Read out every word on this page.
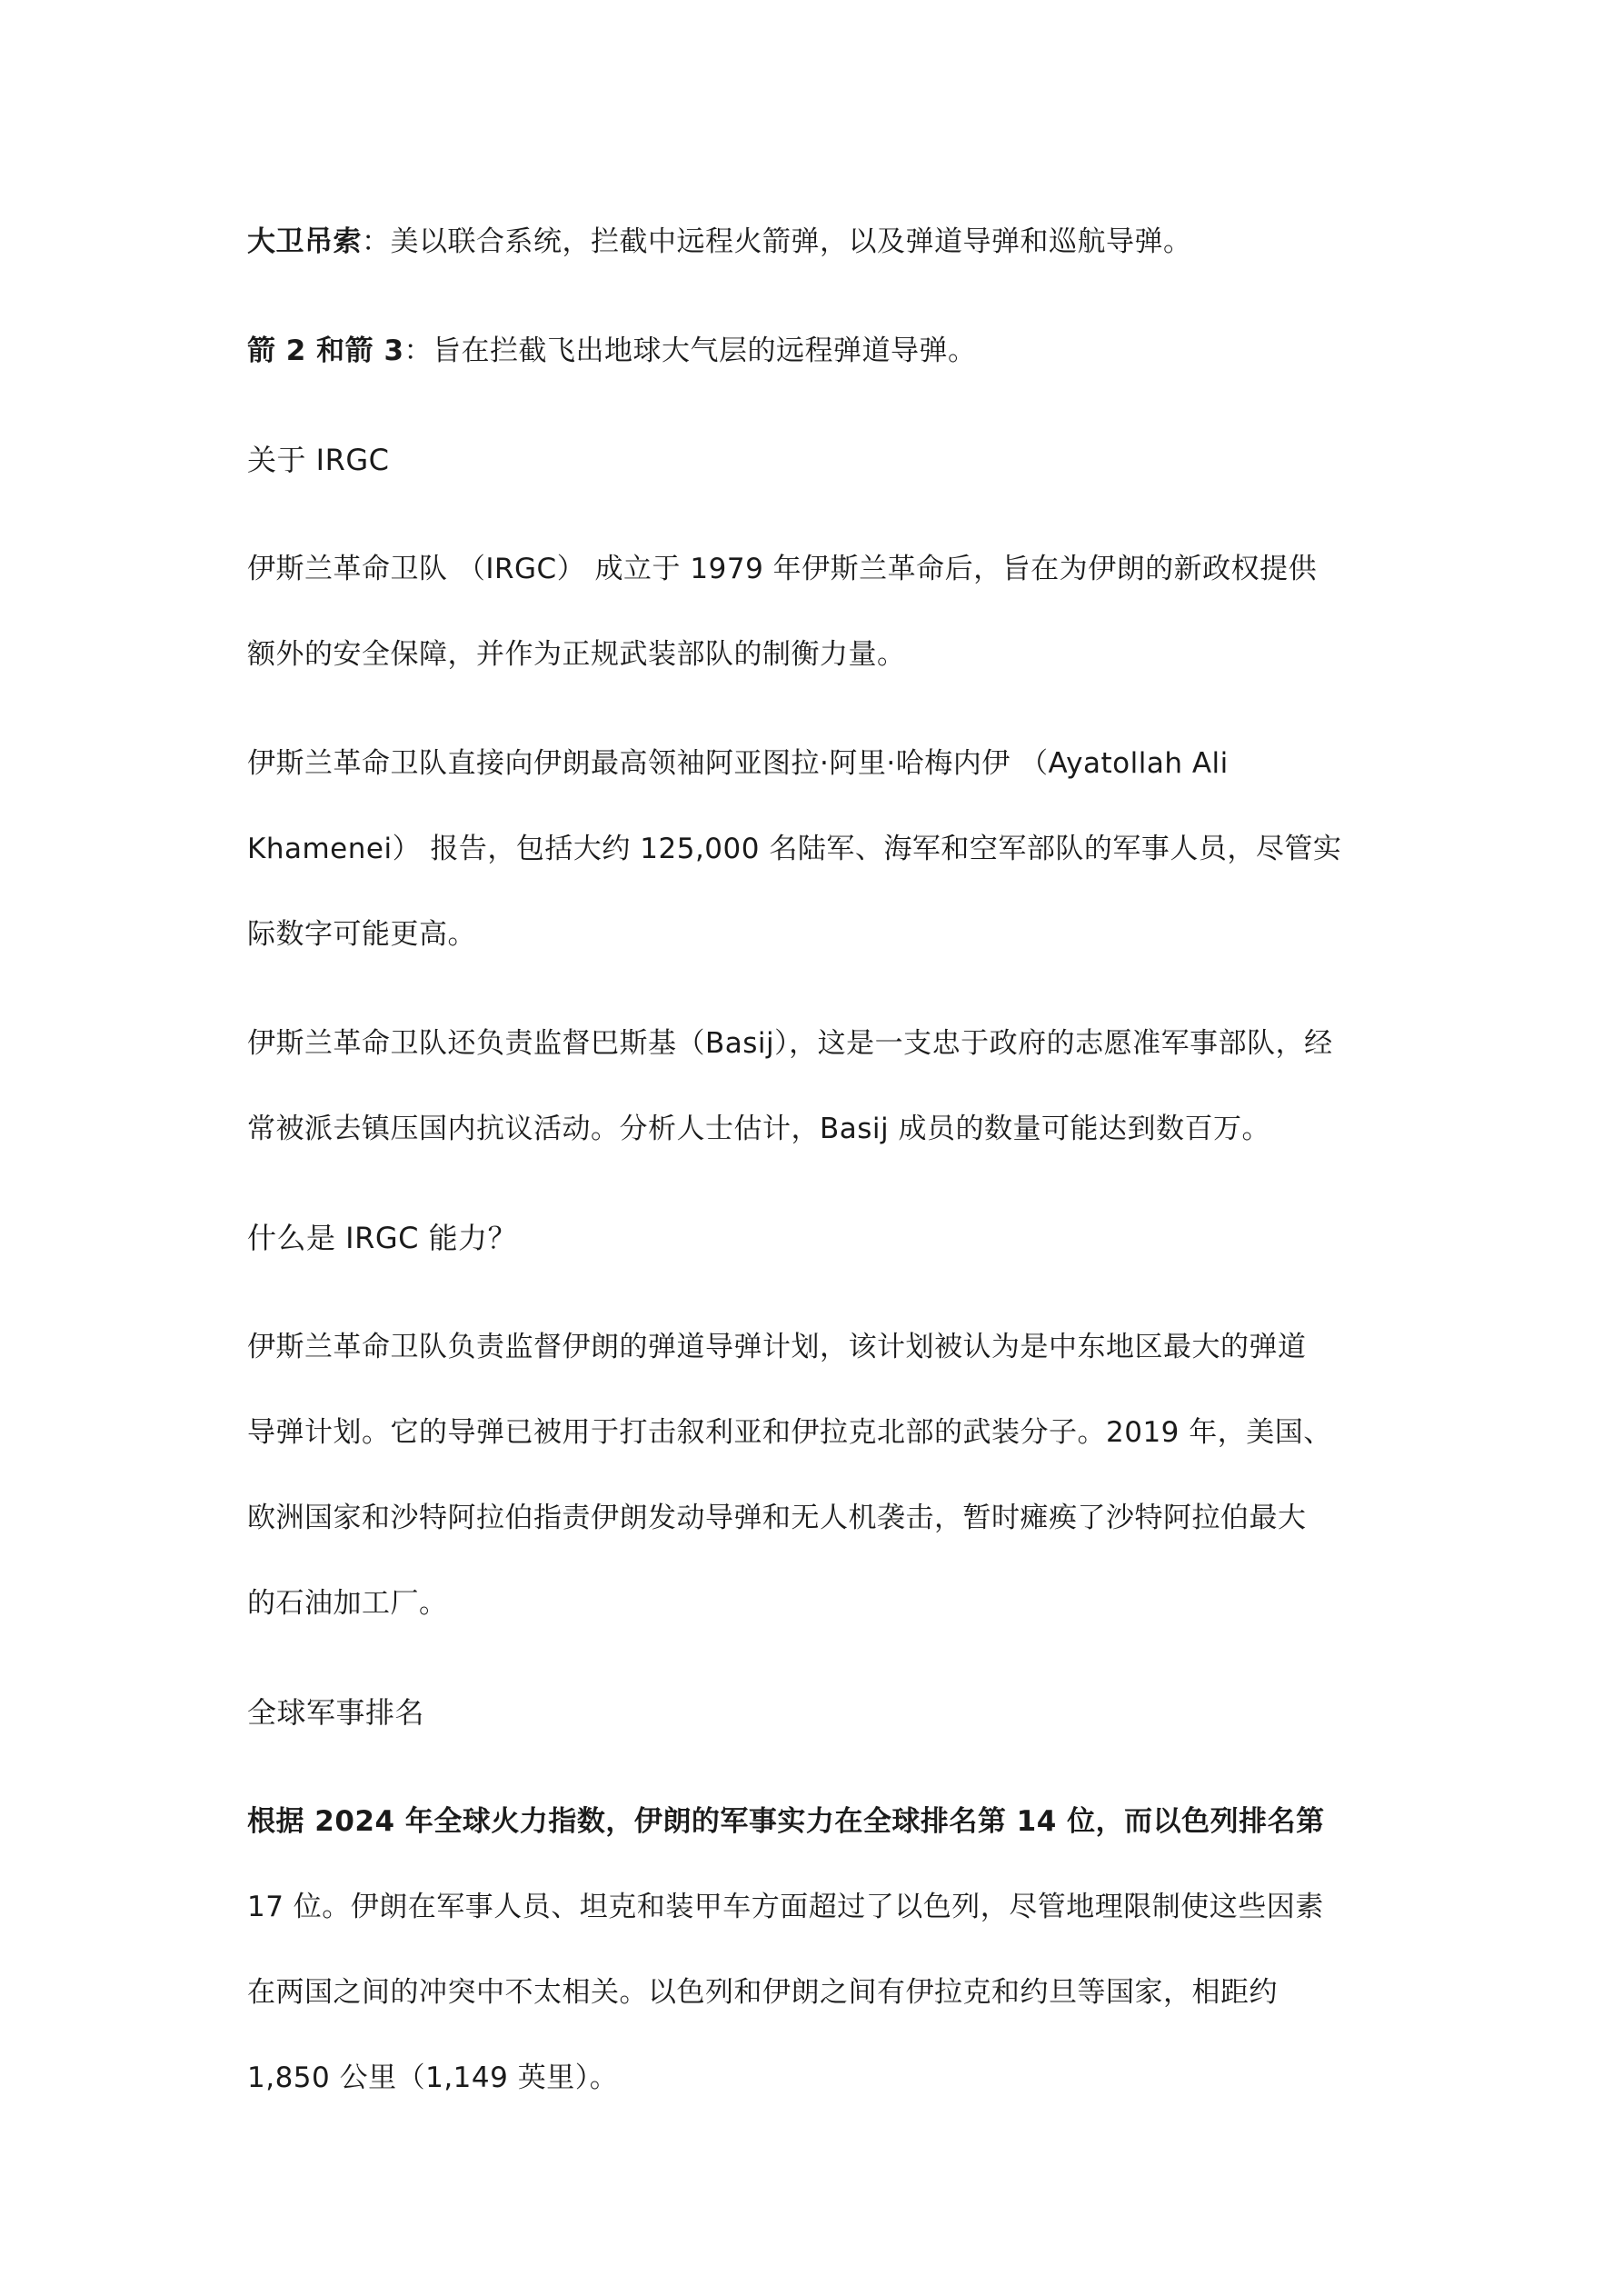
大卫吊索：美以联合系统，拦截中远程火箭弹，以及弹道导弹和巡航导弹。
箭 2 和箭 3：旨在拦截飞出地球大气层的远程弹道导弹。
关于 IRGC
伊斯兰革命卫队 （IRGC） 成立于 1979 年伊斯兰革命后，旨在为伊朗的新政权提供
额外的安全保障，并作为正规武装部队的制衡力量。
伊斯兰革命卫队直接向伊朗最高领袖阿亚图拉·阿里·哈梅内伊 （Ayatollah Ali
Khamenei） 报告，包括大约 125,000 名陆军、海军和空军部队的军事人员，尽管实
际数字可能更高。
伊斯兰革命卫队还负责监督巴斯基（Basij），这是一支忠于政府的志愿准军事部队，经
常被派去镇压国内抗议活动。分析人士估计，Basij 成员的数量可能达到数百万。
什么是 IRGC 能力？
伊斯兰革命卫队负责监督伊朗的弹道导弹计划，该计划被认为是中东地区最大的弹道
导弹计划。它的导弹已被用于打击叙利亚和伊拉克北部的武装分子。2019 年，美国、
欧洲国家和沙特阿拉伯指责伊朗发动导弹和无人机袭击，暂时瘫痪了沙特阿拉伯最大
的石油加工厂。
全球军事排名
根据 2024 年全球火力指数，伊朗的军事实力在全球排名第 14 位，而以色列排名第
17 位。伊朗在军事人员、坦克和装甲车方面超过了以色列，尽管地理限制使这些因素
在两国之间的冲突中不太相关。以色列和伊朗之间有伊拉克和约旦等国家，相距约
1,850 公里（1,149 英里）。
